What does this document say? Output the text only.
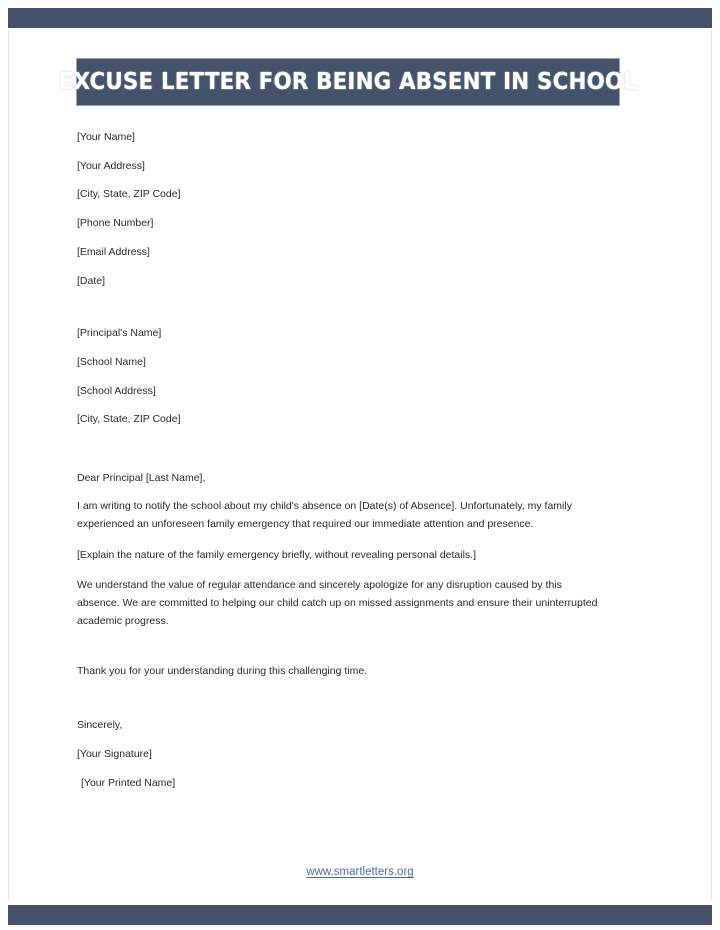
EXCUSE LETTER FOR BEING ABSENT IN SCHOOL

[Your Name]

[Your Address]

[City, State, ZIP Code]

[Phone Number]

[Email Address]

[Date]

[Principal's Name]

[School Name]

[School Address]

[City, State, ZIP Code]

Dear Principal [Last Name],

I am writing to notify the school about my child's absence on [Date(s) of Absence]. Unfortunately, my family experienced an unforeseen family emergency that required our immediate attention and presence.

[Explain the nature of the family emergency briefly, without revealing personal details.]

We understand the value of regular attendance and sincerely apologize for any disruption caused by this absence. We are committed to helping our child catch up on missed assignments and ensure their uninterrupted academic progress.

Thank you for your understanding during this challenging time.

Sincerely,

[Your Signature]

[Your Printed Name]

www.smartletters.org
